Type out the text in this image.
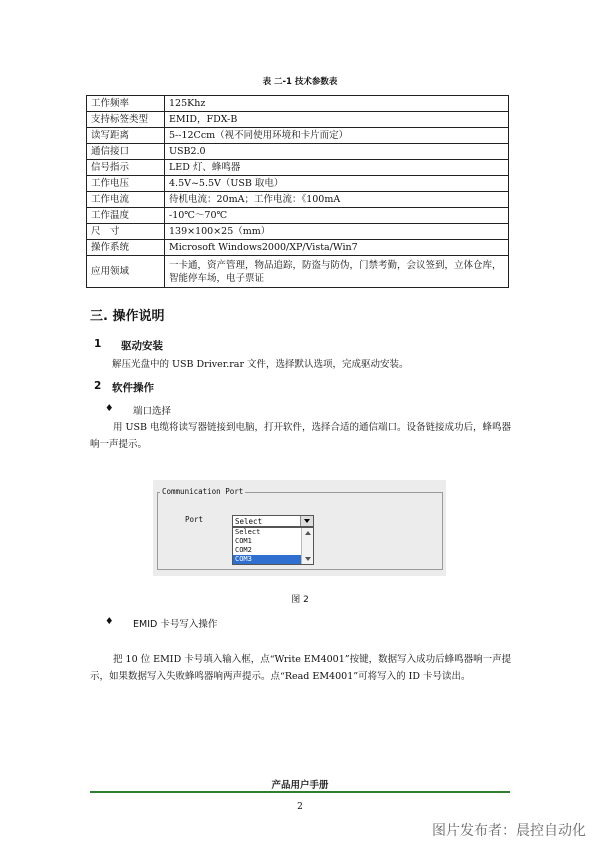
表 二-1 技术参数表
工作频率	125Khz
支持标签类型	EMID，FDX-B
读写距离	5--12Ccm（视不同使用环境和卡片而定）
通信接口	USB2.0
信号指示	LED 灯、蜂鸣器
工作电压	4.5V~5.5V（USB 取电）
工作电流	待机电流：20mA；工作电流：《100mA
工作温度	-10℃～70℃
尺　寸	139×100×25（mm）
操作系统	Microsoft Windows2000/XP/Vista/Win7
应用领域	一卡通，资产管理，物品追踪，防盗与防伪，门禁考勤，会议签到，立体仓库，智能停车场，电子票证
三. 操作说明
1 驱动安装
解压光盘中的 USB Driver.rar 文件，选择默认选项，完成驱动安装。
2 软件操作
♦ 端口选择
用 USB 电缆将读写器链接到电脑，打开软件，选择合适的通信端口。设备链接成功后，蜂鸣器响一声提示。
Communication Port
Port	Select
Select
COM1
COM2
COM3
图 2
♦ EMID 卡号写入操作
把 10 位 EMID 卡号填入输入框，点“Write EM4001”按键，数据写入成功后蜂鸣器响一声提示，如果数据写入失败蜂鸣器响两声提示。点“Read EM4001”可将写入的 ID 卡号读出。
产品用户手册
2
图片发布者：晨控自动化
